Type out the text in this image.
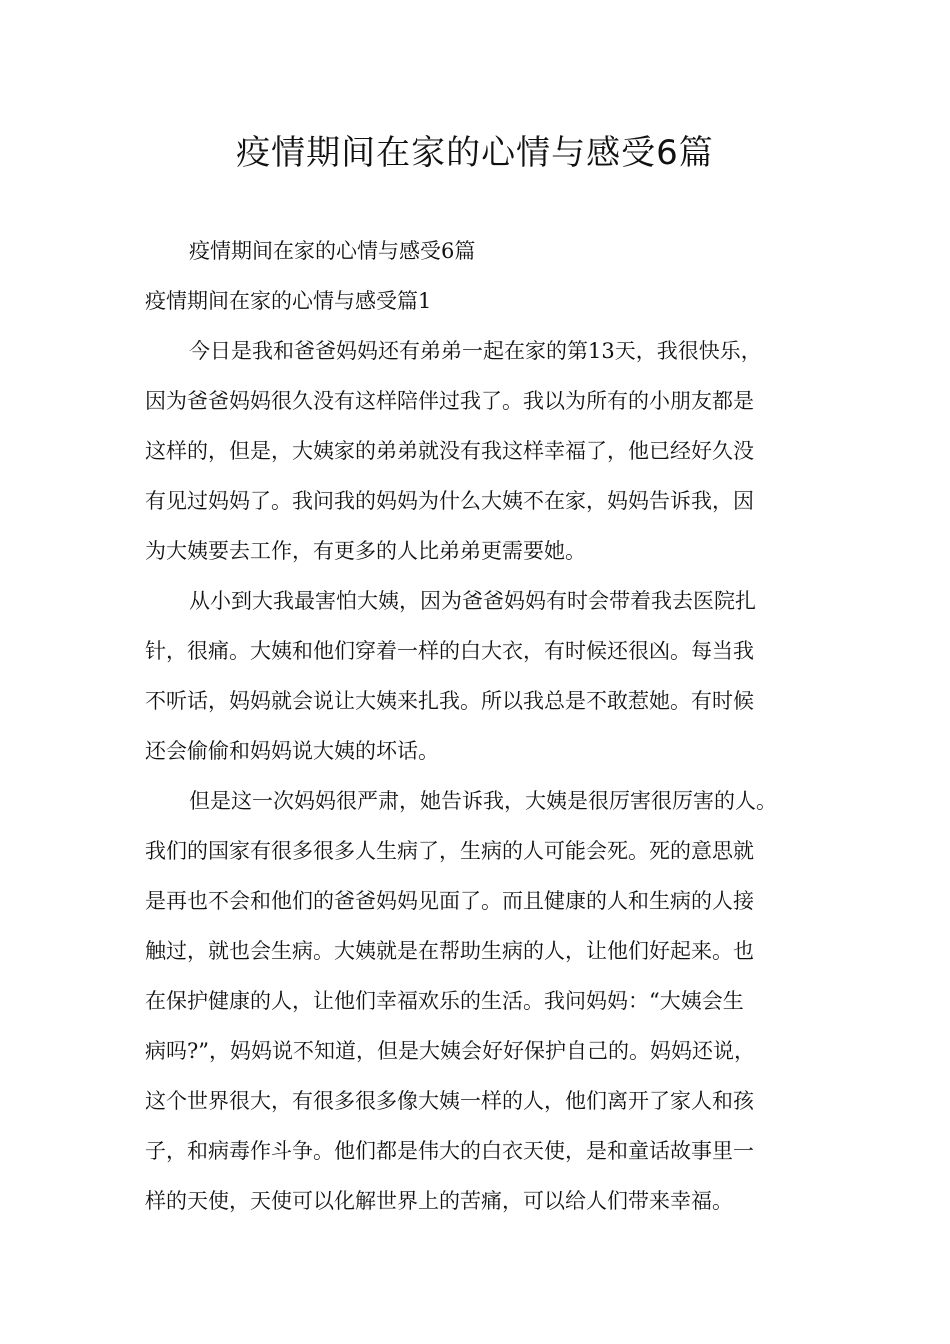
疫情期间在家的心情与感受6篇

疫情期间在家的心情与感受6篇

疫情期间在家的心情与感受篇1

今日是我和爸爸妈妈还有弟弟一起在家的第13天，我很快乐，

因为爸爸妈妈很久没有这样陪伴过我了。我以为所有的小朋友都是

这样的，但是，大姨家的弟弟就没有我这样幸福了，他已经好久没

有见过妈妈了。我问我的妈妈为什么大姨不在家，妈妈告诉我，因

为大姨要去工作，有更多的人比弟弟更需要她。

从小到大我最害怕大姨，因为爸爸妈妈有时会带着我去医院扎

针，很痛。大姨和他们穿着一样的白大衣，有时候还很凶。每当我

不听话，妈妈就会说让大姨来扎我。所以我总是不敢惹她。有时候

还会偷偷和妈妈说大姨的坏话。

但是这一次妈妈很严肃，她告诉我，大姨是很厉害很厉害的人。

我们的国家有很多很多人生病了，生病的人可能会死。死的意思就

是再也不会和他们的爸爸妈妈见面了。而且健康的人和生病的人接

触过，就也会生病。大姨就是在帮助生病的人，让他们好起来。也

在保护健康的人，让他们幸福欢乐的生活。我问妈妈：“大姨会生

病吗?”，妈妈说不知道，但是大姨会好好保护自己的。妈妈还说，

这个世界很大，有很多很多像大姨一样的人，他们离开了家人和孩

子，和病毒作斗争。他们都是伟大的白衣天使，是和童话故事里一

样的天使，天使可以化解世界上的苦痛，可以给人们带来幸福。
